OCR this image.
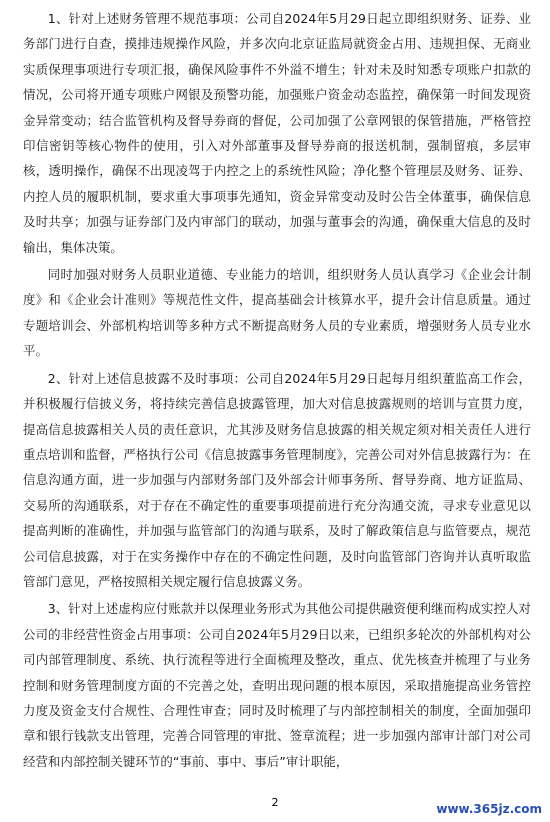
1、针对上述财务管理不规范事项：公司自2024年5月29日起立即组织财务、证券、业务部门进行自查，摸排违规操作风险，并多次向北京证监局就资金占用、违规担保、无商业实质保理事项进行专项汇报，确保风险事件不外溢不增生；针对未及时知悉专项账户扣款的情况，公司将开通专项账户网银及预警功能，加强账户资金动态监控，确保第一时间发现资金异常变动；结合监管机构及督导券商的督促，公司加强了公章网银的保管措施，严格管控印信密钥等核心物件的使用，引入对外部董事及督导券商的报送机制，强制留痕，多层审核，透明操作，确保不出现凌驾于内控之上的系统性风险；净化整个管理层及财务、证券、内控人员的履职机制，要求重大事项事先通知，资金异常变动及时公告全体董事，确保信息及时共享；加强与证券部门及内审部门的联动，加强与董事会的沟通，确保重大信息的及时输出，集体决策。

同时加强对财务人员职业道德、专业能力的培训，组织财务人员认真学习《企业会计制度》和《企业会计准则》等规范性文件，提高基础会计核算水平，提升会计信息质量。通过专题培训会、外部机构培训等多种方式不断提高财务人员的专业素质，增强财务人员专业水平。

2、针对上述信息披露不及时事项：公司自2024年5月29日起每月组织董监高工作会，并积极履行信披义务，将持续完善信息披露管理，加大对信息披露规则的培训与宣贯力度，提高信息披露相关人员的责任意识，尤其涉及财务信息披露的相关规定须对相关责任人进行重点培训和监督，严格执行公司《信息披露事务管理制度》，完善公司对外信息披露行为：在信息沟通方面，进一步加强与内部财务部门及外部会计师事务所、督导券商、地方证监局、交易所的沟通联系，对于存在不确定性的重要事项提前进行充分沟通交流，寻求专业意见以提高判断的准确性，并加强与监管部门的沟通与联系，及时了解政策信息与监管要点，规范公司信息披露，对于在实务操作中存在的不确定性问题，及时向监管部门咨询并认真听取监管部门意见，严格按照相关规定履行信息披露义务。

3、针对上述虚构应付账款并以保理业务形式为其他公司提供融资便利继而构成实控人对公司的非经营性资金占用事项：公司自2024年5月29日以来，已组织多轮次的外部机构对公司内部管理制度、系统、执行流程等进行全面梳理及整改，重点、优先核查并梳理了与业务控制和财务管理制度方面的不完善之处，查明出现问题的根本原因，采取措施提高业务管控力度及资金支付合规性、合理性审查；同时及时梳理了与内部控制相关的制度，全面加强印章和银行钱款支出管理，完善合同管理的审批、签章流程；进一步加强内部审计部门对公司经营和内部控制关键环节的“事前、事中、事后”审计职能，

2	www.365jz.com
